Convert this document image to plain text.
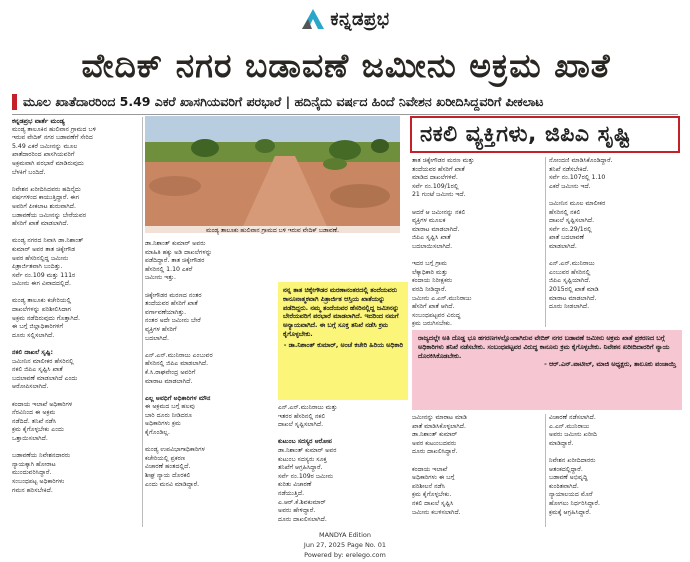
ಕನ್ನಡಪ್ರಭ
ವೇದಿಕ್ ನಗರ ಬಡಾವಣೆ ಜಮೀನು ಅಕ್ರಮ ಖಾತೆ
ಮೂಲ ಖಾತೆದಾರರಿಂದ 5.49 ಎಕರೆ ಖಾಸಗಿಯವರಿಗೆ ಪರಭಾರೆ | ಹದಿನೈದು ವರ್ಷದ ಹಿಂದೆ ನಿವೇಶನ ಖರೀದಿಸಿದ್ದವರಿಗೆ ಪೀಕಲಾಟ
ಕನ್ನಡಪ್ರಭ ವಾರ್ತೆ ಮಂಡ್ಯ
ಮಂಡ್ಯ ತಾಲೂಕಿನ ಹುಲಿವಾನ ಗ್ರಾಮದ ಬಳಿ
ಇರುವ ವೇದಿಕ್ ನಗರ ಬಡಾವಣೆಗೆ ಸೇರಿದ
5.49 ಎಕರೆ ಜಮೀನನ್ನು ಮೂಲ
ಖಾತೆದಾರರಿಂದ ಖಾಸಗಿಯವರಿಗೆ
ಅಕ್ರಮವಾಗಿ ಪರಭಾರೆ ಮಾಡಿರುವುದು
ಬೆಳಕಿಗೆ ಬಂದಿದೆ.

ನಿವೇಶನ ಖರೀದಿಸಿದವರು ಹದಿನೈದು
ವರ್ಷಗಳಿಂದ ಕಾಯುತ್ತಿದ್ದಾರೆ. ಈಗ
ಅವರಿಗೆ ಪೀಕಲಾಟ ಶುರುವಾಗಿದೆ.
ಬಡಾವಣೆಯ ಜಮೀನನ್ನು ಬೇರೆಯವರ
ಹೆಸರಿಗೆ ಖಾತೆ ಮಾಡಲಾಗಿದೆ.

ಮಂಡ್ಯ ನಗರದ ನಿವಾಸಿ ಡಾ.ನಿಶಾಂತ್
ಕುಮಾರ್ ಅವರ ತಾತ ಚಿಕ್ಕೇಗೌಡ
ಅವರ ಹೆಸರಿನಲ್ಲಿದ್ದ ಜಮೀನು
ಪಿತ್ರಾರ್ಜಿತವಾಗಿ ಬಂದಿತ್ತು.
ಸರ್ವೆ ನಂ.109 ಮತ್ತು 111ರ
ಜಮೀನು ಈಗ ವಿವಾದದಲ್ಲಿದೆ.

ಮಂಡ್ಯ ತಾಲೂಕು ಕಚೇರಿಯಲ್ಲಿ
ದಾಖಲೆಗಳನ್ನು ಪರಿಶೀಲಿಸಿದಾಗ
ಅಕ್ರಮ ನಡೆದಿರುವುದು ಗೊತ್ತಾಗಿದೆ.
ಈ ಬಗ್ಗೆ ಜಿಲ್ಲಾಧಿಕಾರಿಗಳಿಗೆ
ದೂರು ಸಲ್ಲಿಸಲಾಗಿದೆ.

ನಕಲಿ ದಾಖಲೆ ಸೃಷ್ಟಿ:
ಜಮೀನಿನ ಮಾಲೀಕರ ಹೆಸರಿನಲ್ಲಿ
ನಕಲಿ ಜಿಪಿಎ ಸೃಷ್ಟಿಸಿ ಖಾತೆ
ಬದಲಾವಣೆ ಮಾಡಲಾಗಿದೆ ಎಂದು
ಆರೋಪಿಸಲಾಗಿದೆ.

ಕಂದಾಯ ಇಲಾಖೆ ಅಧಿಕಾರಿಗಳ
ನೆರವಿನಿಂದ ಈ ಅಕ್ರಮ
ನಡೆದಿದೆ. ತನಿಖೆ ನಡೆಸಿ
ಕ್ರಮ ಕೈಗೊಳ್ಳಬೇಕು ಎಂದು
ಒತ್ತಾಯಿಸಲಾಗಿದೆ.

ಬಡಾವಣೆಯ ನಿವೇಶನದಾರರು
ನ್ಯಾಯಕ್ಕಾಗಿ ಹೋರಾಟ
ಮುಂದುವರಿಸಿದ್ದಾರೆ.
ಸಂಬಂಧಪಟ್ಟ ಅಧಿಕಾರಿಗಳು
ಗಮನ ಹರಿಸಬೇಕಿದೆ.
ಮಂಡ್ಯ ತಾಲೂಕು ಹುಲಿವಾನ ಗ್ರಾಮದ ಬಳಿ ಇರುವ ವೇದಿಕ್ ಬಡಾವಣೆ.
ಡಾ.ನಿಶಾಂತ್ ಕುಮಾರ್ ಅವರು
ಮಾಹಿತಿ ಹಕ್ಕು ಅಡಿ ದಾಖಲೆಗಳನ್ನು
ಪಡೆದಿದ್ದಾರೆ. ತಾತ ಚಿಕ್ಕೇಗೌಡರ
ಹೆಸರಿನಲ್ಲಿ 1.10 ಎಕರೆ
ಜಮೀನು ಇತ್ತು.

ಚಿಕ್ಕೇಗೌಡರ ಮರಣದ ನಂತರ
ತಂದೆಯವರ ಹೆಸರಿಗೆ ಖಾತೆ
ವರ್ಗಾವಣೆಯಾಗಿತ್ತು.
ನಂತರ ಅದೇ ಜಮೀನು ಬೇರೆ
ವ್ಯಕ್ತಿಗಳ ಹೆಸರಿಗೆ
ಬದಲಾಗಿದೆ.

ಎನ್.ಎನ್.ಮುನಿರಾಜು ಎಂಬುವರ
ಹೆಸರಿನಲ್ಲಿ ಜಿಪಿಎ ಮಾಡಲಾಗಿದೆ.
ಕೆ.ಸಿ.ರಾಘವೇಂದ್ರ ಅವರಿಗೆ
ಮಾರಾಟ ಮಾಡಲಾಗಿದೆ.

ಎಲ್ಲ ಅವಧಿಗೆ ಅಧಿಕಾರಿಗಳ ಮೌನ
ಈ ಅಕ್ರಮದ ಬಗ್ಗೆ ಹಲವು
ಬಾರಿ ದೂರು ನೀಡಿದರೂ
ಅಧಿಕಾರಿಗಳು ಕ್ರಮ
ಕೈಗೊಂಡಿಲ್ಲ.

ಮಂಡ್ಯ ಉಪವಿಭಾಗಾಧಿಕಾರಿಗಳ
ಕಚೇರಿಯಲ್ಲಿ ಪ್ರಕರಣ
ವಿಚಾರಣೆ ಹಂತದಲ್ಲಿದೆ.
ಶೀಘ್ರ ನ್ಯಾಯ ದೊರಕಲಿ
ಎಂದು ಮನವಿ ಮಾಡಿದ್ದಾರೆ.
ನನ್ನ ತಾತ ಚಿಕ್ಕೇಗೌಡರ ಮರಣಾನಂತರದಲ್ಲಿ ತಂದೆಯವರು ಕಾನೂನಾತ್ಮಕವಾಗಿ ಪಿತ್ರಾರ್ಜಿತ ಆಸ್ತಿಯ ಖಾತೆಯನ್ನು ಪಡೆದಿದ್ದರು. ನಮ್ಮ ತಂದೆಯವರ ಹೆಸರಿನಲ್ಲಿದ್ದ ಜಮೀನನ್ನು ಬೇರೆಯವರಿಗೆ ಪರಭಾರೆ ಮಾಡಲಾಗಿದೆ. ಇದರಿಂದ ನಮಗೆ ಅನ್ಯಾಯವಾಗಿದೆ. ಈ ಬಗ್ಗೆ ಸೂಕ್ತ ತನಿಖೆ ನಡೆಸಿ ಕ್ರಮ ಕೈಗೊಳ್ಳಬೇಕು.
- ಡಾ.ನಿಶಾಂತ್ ಕುಮಾರ್, ಅಂಚೆ ಕಚೇರಿ ಹಿರಿಯ ಅಧಿಕಾರಿ
ಎನ್.ಎನ್.ಮುನಿರಾಜು ಮತ್ತು
ಇತರರ ಹೆಸರಿನಲ್ಲಿ ನಕಲಿ
ದಾಖಲೆ ಸೃಷ್ಟಿಸಲಾಗಿದೆ.

ಕುಟುಂಬ ಸದಸ್ಯರ ಆರೋಪ
ಡಾ.ನಿಶಾಂತ್ ಕುಮಾರ್ ಅವರ
ಕುಟುಂಬ ಸದಸ್ಯರು ಸೂಕ್ತ
ತನಿಖೆಗೆ ಆಗ್ರಹಿಸಿದ್ದಾರೆ.
ಸರ್ವೆ ನಂ.109ರ ಜಮೀನು
ಕುರಿತು ವಿಚಾರಣೆ
ನಡೆಯುತ್ತಿದೆ.
ಎ.ಆರ್.ಕೆ.ಶಿವಕುಮಾರ್
ಅವರು ಹೇಳಿದ್ದಾರೆ.
ದೂರು ದಾಖಲಿಸಲಾಗಿದೆ.
ನಕಲಿ ವ್ಯಕ್ತಿಗಳು, ಜಿಪಿಎ ಸೃಷ್ಟಿ
ತಾತ ಚಿಕ್ಕೇಗೌಡರ ಮರಣ ಮತ್ತು
ತಂದೆಯವರ ಹೆಸರಿಗೆ ಖಾತೆ
ಮಾಡಿದ ದಾಖಲೆಗಳಿವೆ.
ಸರ್ವೆ ನಂ.109/1ರಲ್ಲಿ
21 ಗುಂಟೆ ಜಮೀನು ಇದೆ.

ಆದರೆ ಆ ಜಮೀನನ್ನು ನಕಲಿ
ವ್ಯಕ್ತಿಗಳ ಮೂಲಕ
ಮಾರಾಟ ಮಾಡಲಾಗಿದೆ.
ಜಿಪಿಎ ಸೃಷ್ಟಿಸಿ ಖಾತೆ
ಬದಲಾಯಿಸಲಾಗಿದೆ.

ಇದರ ಬಗ್ಗೆ ಗ್ರಾಮ
ಲೆಕ್ಕಾಧಿಕಾರಿ ಮತ್ತು
ಕಂದಾಯ ನಿರೀಕ್ಷಕರು
ವರದಿ ನೀಡಿದ್ದಾರೆ.
ಜಮೀನು ಎ.ಎನ್.ಮುನಿರಾಜು
ಹೆಸರಿಗೆ ಖಾತೆ ಆಗಿದೆ.
ಸಂಬಂಧಪಟ್ಟವರ ವಿರುದ್ಧ
ಕ್ರಮ ಜರುಗಿಸಬೇಕು.
ನೋಂದಣಿ ಮಾಡಿಸಿಕೊಂಡಿದ್ದಾರೆ.
ತನಿಖೆ ನಡೆಸಬೇಕಿದೆ.
ಸರ್ವೆ ನಂ.107ರಲ್ಲಿ 1.10
ಎಕರೆ ಜಮೀನು ಇದೆ.

ಜಮೀನಿನ ಮೂಲ ಮಾಲೀಕರ
ಹೆಸರಿನಲ್ಲಿ ನಕಲಿ
ದಾಖಲೆ ಸೃಷ್ಟಿಸಲಾಗಿದೆ.
ಸರ್ವೆ ನಂ.29/1ರಲ್ಲಿ
ಖಾತೆ ಬದಲಾವಣೆ
ಮಾಡಲಾಗಿದೆ.

ಎನ್.ಎನ್.ಮುನಿರಾಜು
ಎಂಬುವರ ಹೆಸರಿನಲ್ಲಿ
ಜಿಪಿಎ ಸೃಷ್ಟಿಯಾಗಿದೆ.
2015ರಲ್ಲಿ ಖಾತೆ ಮಾಡಿ
ಮಾರಾಟ ಮಾಡಲಾಗಿದೆ.
ದೂರು ನೀಡಲಾಗಿದೆ.
ರಾಜ್ಯದಲ್ಲೇ ಅತಿ ದೊಡ್ಡ ಭೂ ಹಗರಣಗಳಲ್ಲೊಂದಾಗಿರುವ ವೇದಿಕ್ ನಗರ ಬಡಾವಣೆ ಜಮೀನು ಅಕ್ರಮ ಖಾತೆ ಪ್ರಕರಣದ ಬಗ್ಗೆ ಅಧಿಕಾರಿಗಳು ತನಿಖೆ ನಡೆಸಬೇಕು. ಸಂಬಂಧಪಟ್ಟವರ ವಿರುದ್ಧ ಕಾನೂನು ಕ್ರಮ ಕೈಗೊಳ್ಳಬೇಕು. ನಿವೇಶನ ಖರೀದಿದಾರರಿಗೆ ನ್ಯಾಯ ದೊರಕಿಸಿಕೊಡಬೇಕು.
- ಆರ್.ಎನ್.ಪಾಟೀಲ್, ಮಾಜಿ ಅಧ್ಯಕ್ಷರು, ತಾಲೂಕು ಪಂಚಾಯ್ತಿ
ಜಮೀನನ್ನು ಮಾರಾಟ ಮಾಡಿ
ಖಾತೆ ಮಾಡಿಸಿಕೊಳ್ಳಲಾಗಿದೆ.
ಡಾ.ನಿಶಾಂತ್ ಕುಮಾರ್
ಅವರ ಕುಟುಂಬದವರು
ದೂರು ದಾಖಲಿಸಿದ್ದಾರೆ.

ಕಂದಾಯ ಇಲಾಖೆ
ಅಧಿಕಾರಿಗಳು ಈ ಬಗ್ಗೆ
ಪರಿಶೀಲನೆ ನಡೆಸಿ
ಕ್ರಮ ಕೈಗೊಳ್ಳಬೇಕು.
ನಕಲಿ ದಾಖಲೆ ಸೃಷ್ಟಿಸಿ
ಜಮೀನು ಕಬಳಿಸಲಾಗಿದೆ.
ವಿಚಾರಣೆ ನಡೆಸಲಾಗಿದೆ.
ಎ.ಎನ್.ಮುನಿರಾಜು
ಅವರು ಜಮೀನು ಖರೀದಿ
ಮಾಡಿದ್ದಾರೆ.

ನಿವೇಶನ ಖರೀದಿದಾರರು
ಆತಂಕದಲ್ಲಿದ್ದಾರೆ.
ಬಡಾವಣೆ ಅಭಿವೃದ್ಧಿ
ಕುಂಠಿತವಾಗಿದೆ.
ನ್ಯಾಯಾಲಯದ ಮೊರೆ
ಹೋಗಲು ನಿರ್ಧರಿಸಿದ್ದಾರೆ.
ಕ್ರಮಕ್ಕೆ ಆಗ್ರಹಿಸಿದ್ದಾರೆ.
MANDYA Edition
Jun 27, 2025 Page No. 01
Powered by: erelego.com
